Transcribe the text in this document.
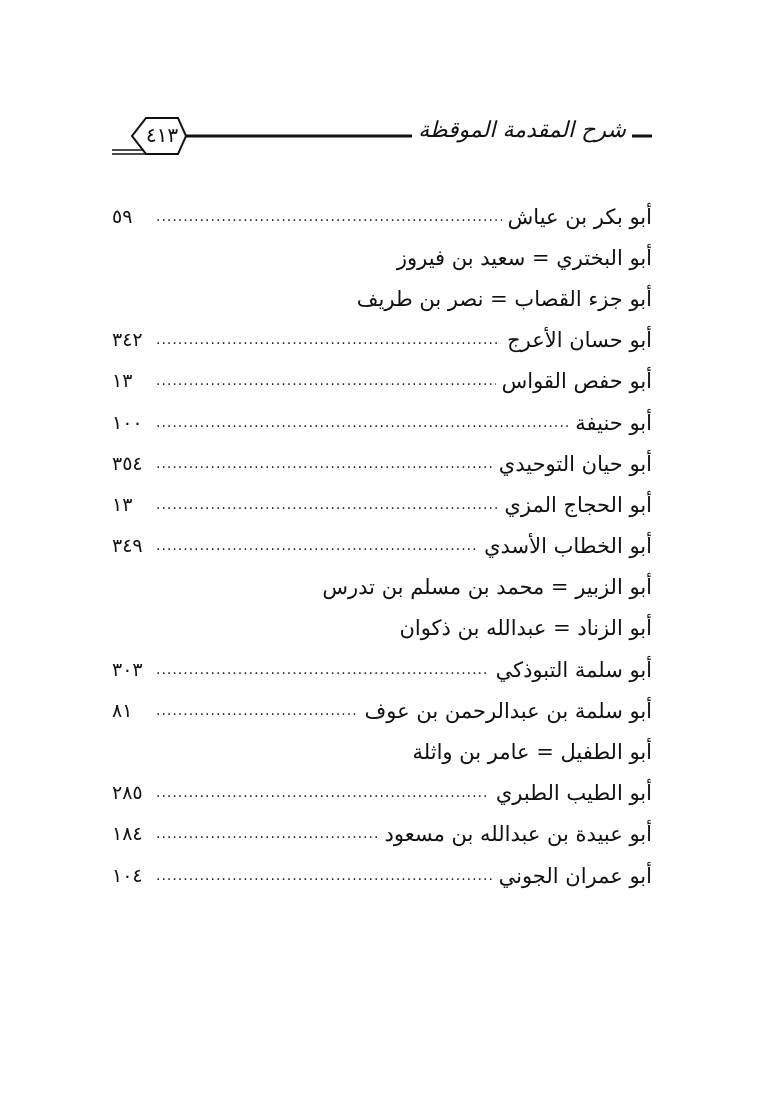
٤١٣	شرح المقدمة الموقظة
أبو بكر بن عياش
.....
٥٩
أبو البختري = سعيد بن فيروز
أبو جزء القصاب = نصر بن طريف
أبو حسان الأعرج
.....
٣٤٢
أبو حفص القواس
.....
١٣
أبو حنيفة
.....
١٠٠
أبو حيان التوحيدي
.....
٣٥٤
أبو الحجاج المزي
.....
١٣
أبو الخطاب الأسدي
.....
٣٤٩
أبو الزبير = محمد بن مسلم بن تدرس
أبو الزناد = عبدالله بن ذكوان
أبو سلمة التبوذكي
.....
٣٠٣
أبو سلمة بن عبدالرحمن بن عوف
.....
٨١
أبو الطفيل = عامر بن واثلة
أبو الطيب الطبري
.....
٢٨٥
أبو عبيدة بن عبدالله بن مسعود
.....
١٨٤
أبو عمران الجوني
.....
١٠٤
